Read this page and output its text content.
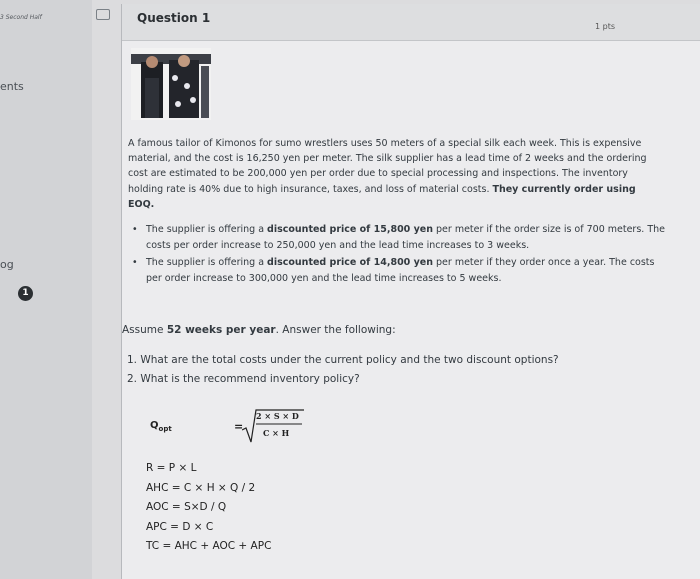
3 Second Half
ents
og
1
Question 1
1 pts
A famous tailor of Kimonos for sumo wrestlers uses 50 meters of a special silk each week. This is expensive material, and the cost is 16,250 yen per meter. The silk supplier has a lead time of 2 weeks and the ordering cost are estimated to be 200,000 yen per order due to special processing and inspections. The inventory holding rate is 40% due to high insurance, taxes, and loss of material costs. They currently order using EOQ.
• The supplier is offering a discounted price of 15,800 yen per meter if the order size is of 700 meters. The costs per order increase to 250,000 yen and the lead time increases to 3 weeks.
• The supplier is offering a discounted price of 14,800 yen per meter if they order once a year. The costs per order increase to 300,000 yen and the lead time increases to 5 weeks.
Assume 52 weeks per year. Answer the following:
1. What are the total costs under the current policy and the two discount options?
2. What is the recommend inventory policy?
$Q_{opt}$	=
2 × S × D
C × H
R = P × L
AHC = C × H × Q / 2
AOC = S×D / Q
APC = D × C
TC = AHC + AOC + APC
